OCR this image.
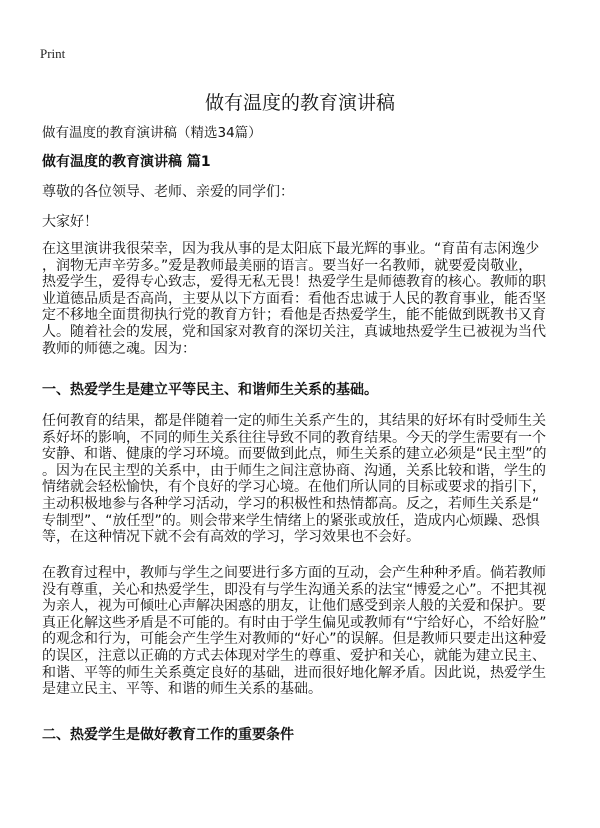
Print
做有温度的教育演讲稿
做有温度的教育演讲稿（精选34篇）
做有温度的教育演讲稿 篇1
尊敬的各位领导、老师、亲爱的同学们：
大家好！
在这里演讲我很荣幸，因为我从事的是太阳底下最光辉的事业。“育苗有志闲逸少
，润物无声辛劳多。”爱是教师最美丽的语言。要当好一名教师，就要爱岗敬业，
热爱学生，爱得专心致志，爱得无私无畏！热爱学生是师德教育的核心。教师的职
业道德品质是否高尚，主要从以下方面看：看他否忠诚于人民的教育事业，能否坚
定不移地全面贯彻执行党的教育方针；看他是否热爱学生，能不能做到既教书又育
人。随着社会的发展，党和国家对教育的深切关注，真诚地热爱学生已被视为当代
教师的师德之魂。因为：
一、热爱学生是建立平等民主、和谐师生关系的基础。
任何教育的结果，都是伴随着一定的师生关系产生的，其结果的好坏有时受师生关
系好坏的影响，不同的师生关系往往导致不同的教育结果。今天的学生需要有一个
安静、和谐、健康的学习环境。而要做到此点，师生关系的建立必须是“民主型”的
。因为在民主型的关系中，由于师生之间注意协商、沟通，关系比较和谐，学生的
情绪就会轻松愉快，有个良好的学习心境。在他们所认同的目标或要求的指引下，
主动积极地参与各种学习活动，学习的积极性和热情都高。反之，若师生关系是“
专制型”、“放任型”的。则会带来学生情绪上的紧张或放任，造成内心烦躁、恐惧
等，在这种情况下就不会有高效的学习，学习效果也不会好。
在教育过程中，教师与学生之间要进行多方面的互动，会产生种种矛盾。倘若教师
没有尊重，关心和热爱学生，即没有与学生沟通关系的法宝“博爱之心”。不把其视
为亲人，视为可倾吐心声解决困惑的朋友，让他们感受到亲人般的关爱和保护。要
真正化解这些矛盾是不可能的。有时由于学生偏见或教师有“宁给好心，不给好脸”
的观念和行为，可能会产生学生对教师的“好心”的误解。但是教师只要走出这种爱
的误区，注意以正确的方式去体现对学生的尊重、爱护和关心，就能为建立民主、
和谐、平等的师生关系奠定良好的基础，进而很好地化解矛盾。因此说，热爱学生
是建立民主、平等、和谐的师生关系的基础。
二、热爱学生是做好教育工作的重要条件
